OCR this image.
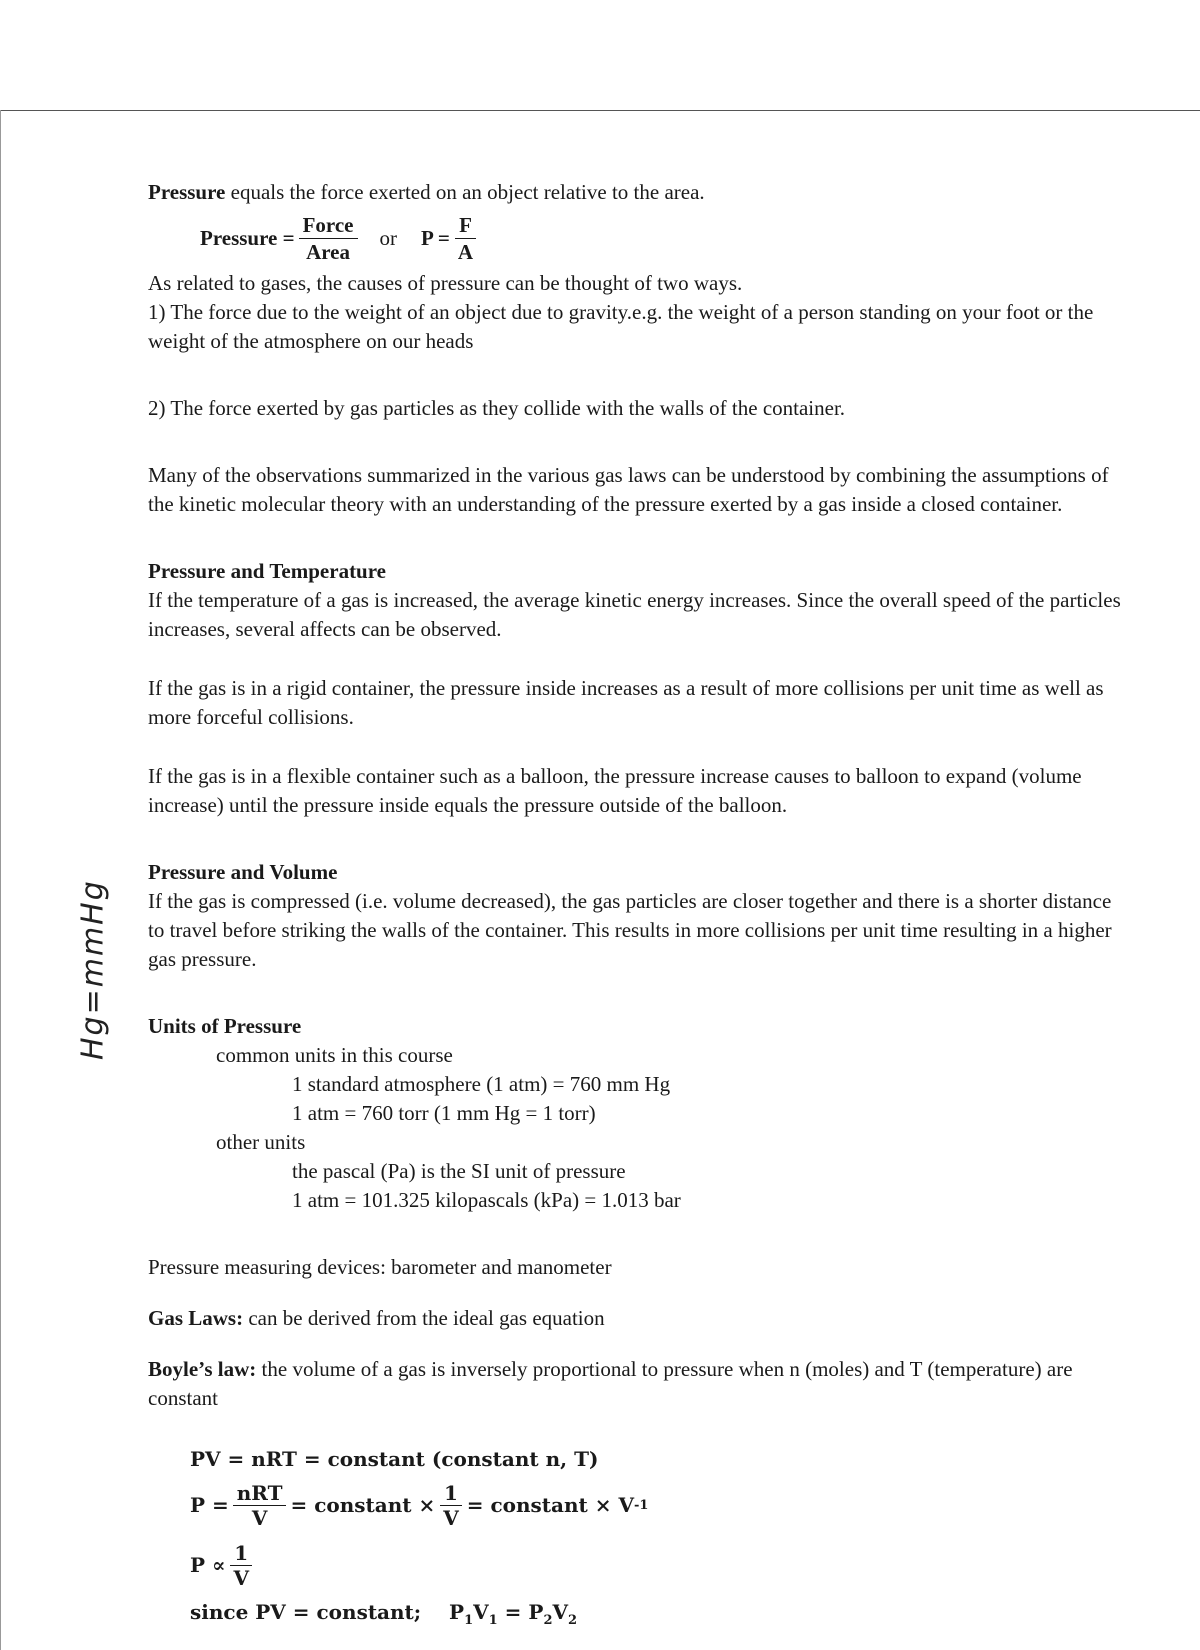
Hg=mmHg

Pressure equals the force exerted on an object relative to the area.

Pressure = $\frac{\text{Force}}{\text{Area}}$ or $P = \frac{F}{A}$

As related to gases, the causes of pressure can be thought of two ways.

1) The force due to the weight of an object due to gravity.e.g. the weight of a person standing on your foot or the weight of the atmosphere on our heads

2) The force exerted by gas particles as they collide with the walls of the container.

Many of the observations summarized in the various gas laws can be understood by combining the assumptions of the kinetic molecular theory with an understanding of the pressure exerted by a gas inside a closed container.

Pressure and Temperature

If the temperature of a gas is increased, the average kinetic energy increases. Since the overall speed of the particles increases, several affects can be observed.

If the gas is in a rigid container, the pressure inside increases as a result of more collisions per unit time as well as more forceful collisions.

If the gas is in a flexible container such as a balloon, the pressure increase causes to balloon to expand (volume increase) until the pressure inside equals the pressure outside of the balloon.

Pressure and Volume

If the gas is compressed (i.e. volume decreased), the gas particles are closer together and there is a shorter distance to travel before striking the walls of the container. This results in more collisions per unit time resulting in a higher gas pressure.

Units of Pressure

common units in this course

1 standard atmosphere (1 atm) = 760 mm Hg

1 atm = 760 torr (1 mm Hg = 1 torr)

other units

the pascal (Pa) is the SI unit of pressure

1 atm = 101.325 kilopascals (kPa) = 1.013 bar

Pressure measuring devices: barometer and manometer

Gas Laws: can be derived from the ideal gas equation

Boyle’s law: the volume of a gas is inversely proportional to pressure when n (moles) and T (temperature) are constant

PV = nRT = constant (constant n, T)

$P = \frac{\text{nRT}}{V}$ = constant × $\frac{1}{V}$ = constant × V -1
$P \propto \frac{1}{V}$

since PV = constant; $P_1V_1 = P_2V_2$
